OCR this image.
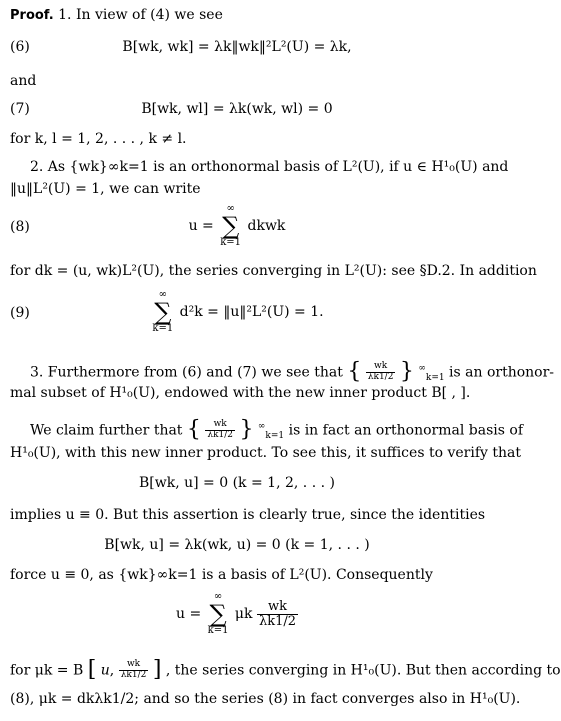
Proof. 1. In view of (4) we see
(6)	B[wk, wk] = λk‖wk‖²L²(U) = λk,
and
(7)	B[wk, wl] = λk(wk, wl) = 0
for k, l = 1, 2, . . . , k ≠ l.
2. As {wk}∞k=1 is an orthonormal basis of L²(U), if u ∈ H¹₀(U) and
‖u‖L²(U) = 1, we can write
(8)	u =
∞
∑
k=1
dkwk
for dk = (u, wk)L²(U), the series converging in L²(U): see §D.2. In addition
(9)
∞
∑
k=1
d²k = ‖u‖²L²(U) = 1.
3. Furthermore from (6) and (7) we see that { $\frac{wk}{\lambda k1/2}$ } ∞$_{k=1}$ is an orthonor-
mal subset of H¹₀(U), endowed with the new inner product B[ , ].
We claim further that { $\frac{wk}{\lambda k1/2}$ } ∞$_{k=1}$ is in fact an orthonormal basis of
H¹₀(U), with this new inner product. To see this, it suffices to verify that
B[wk, u] = 0 (k = 1, 2, . . . )
implies u ≡ 0. But this assertion is clearly true, since the identities
B[wk, u] = λk(wk, u) = 0 (k = 1, . . . )
force u ≡ 0, as {wk}∞k=1 is a basis of L²(U). Consequently
u =
∞
∑
k=1
μk $\frac{wk}{\lambda k1/2}$
for μk = B [ u, $\frac{wk}{\lambda k1/2}$ ] , the series converging in H¹₀(U). But then according to
(8), μk = dkλk1/2; and so the series (8) in fact converges also in H¹₀(U).
